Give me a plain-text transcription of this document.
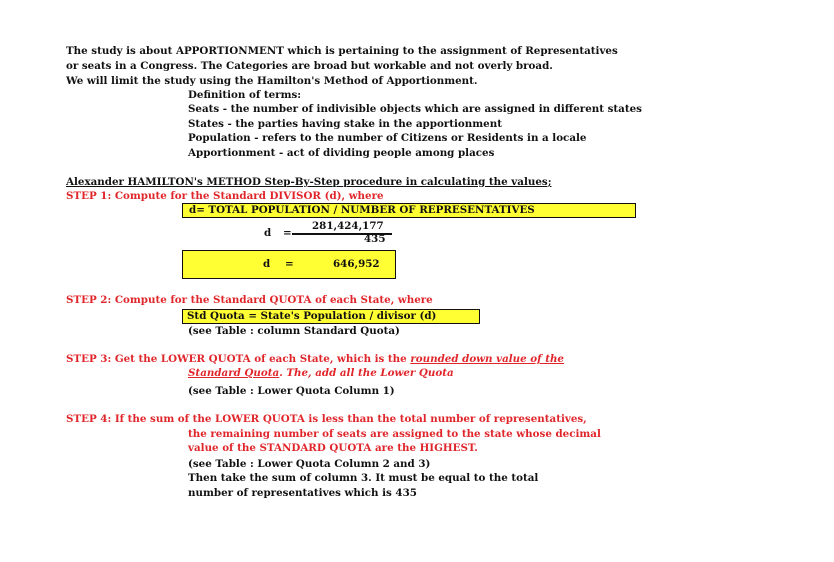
The study is about APPORTIONMENT which is pertaining to the assignment of Representatives
or seats in a Congress. The Categories are broad but workable and not overly broad.
We will limit the study using the Hamilton's Method of Apportionment.
Definition of terms:
Seats - the number of indivisible objects which are assigned in different states
States - the parties having stake in the apportionment
Population - refers to the number of Citizens or Residents in a locale
Apportionment - act of dividing people among places
Alexander HAMILTON's METHOD Step-By-Step procedure in calculating the values;
STEP 1: Compute for the Standard DIVISOR (d), where
d= TOTAL POPULATION / NUMBER OF REPRESENTATIVES
d =
281,424,177
435
d =	646,952
STEP 2: Compute for the Standard QUOTA of each State, where
Std Quota = State's Population / divisor (d)
(see Table : column Standard Quota)
STEP 3: Get the LOWER QUOTA of each State, which is the rounded down value of the
Standard Quota. The, add all the Lower Quota
(see Table : Lower Quota Column 1)
STEP 4: If the sum of the LOWER QUOTA is less than the total number of representatives,
the remaining number of seats are assigned to the state whose decimal
value of the STANDARD QUOTA are the HIGHEST.
(see Table : Lower Quota Column 2 and 3)
Then take the sum of column 3. It must be equal to the total
number of representatives which is 435
